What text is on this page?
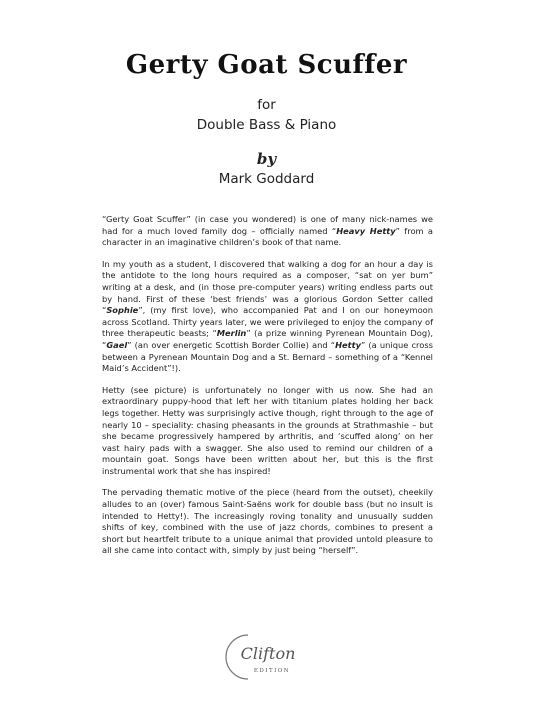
Gerty Goat Scuffer
for
Double Bass & Piano
by
Mark Goddard

“Gerty Goat Scuffer” (in case you wondered) is one of many nick-names we had for a much loved family dog – officially named “Heavy Hetty” from a character in an imaginative children’s book of that name.

In my youth as a student, I discovered that walking a dog for an hour a day is the antidote to the long hours required as a composer, “sat on yer bum” writing at a desk, and (in those pre-computer years) writing endless parts out by hand. First of these ‘best friends’ was a glorious Gordon Setter called “Sophie”, (my first love), who accompanied Pat and I on our honeymoon across Scotland. Thirty years later, we were privileged to enjoy the company of three therapeutic beasts; “Merlin” (a prize winning Pyrenean Mountain Dog), “Gael” (an over energetic Scottish Border Collie) and “Hetty” (a unique cross between a Pyrenean Mountain Dog and a St. Bernard – something of a “Kennel Maid’s Accident”!).

Hetty (see picture) is unfortunately no longer with us now. She had an extraordinary puppy-hood that left her with titanium plates holding her back legs together. Hetty was surprisingly active though, right through to the age of nearly 10 – speciality: chasing pheasants in the grounds at Strathmashie – but she became progressively hampered by arthritis, and ‘scuffed along’ on her vast hairy pads with a swagger. She also used to remind our children of a mountain goat. Songs have been written about her, but this is the first instrumental work that she has inspired!

The pervading thematic motive of the piece (heard from the outset), cheekily alludes to an (over) famous Saint-Saëns work for double bass (but no insult is intended to Hetty!). The increasingly roving tonality and unusually sudden shifts of key, combined with the use of jazz chords, combines to present a short but heartfelt tribute to a unique animal that provided untold pleasure to all she came into contact with, simply by just being “herself”.

Clifton
EDITION
